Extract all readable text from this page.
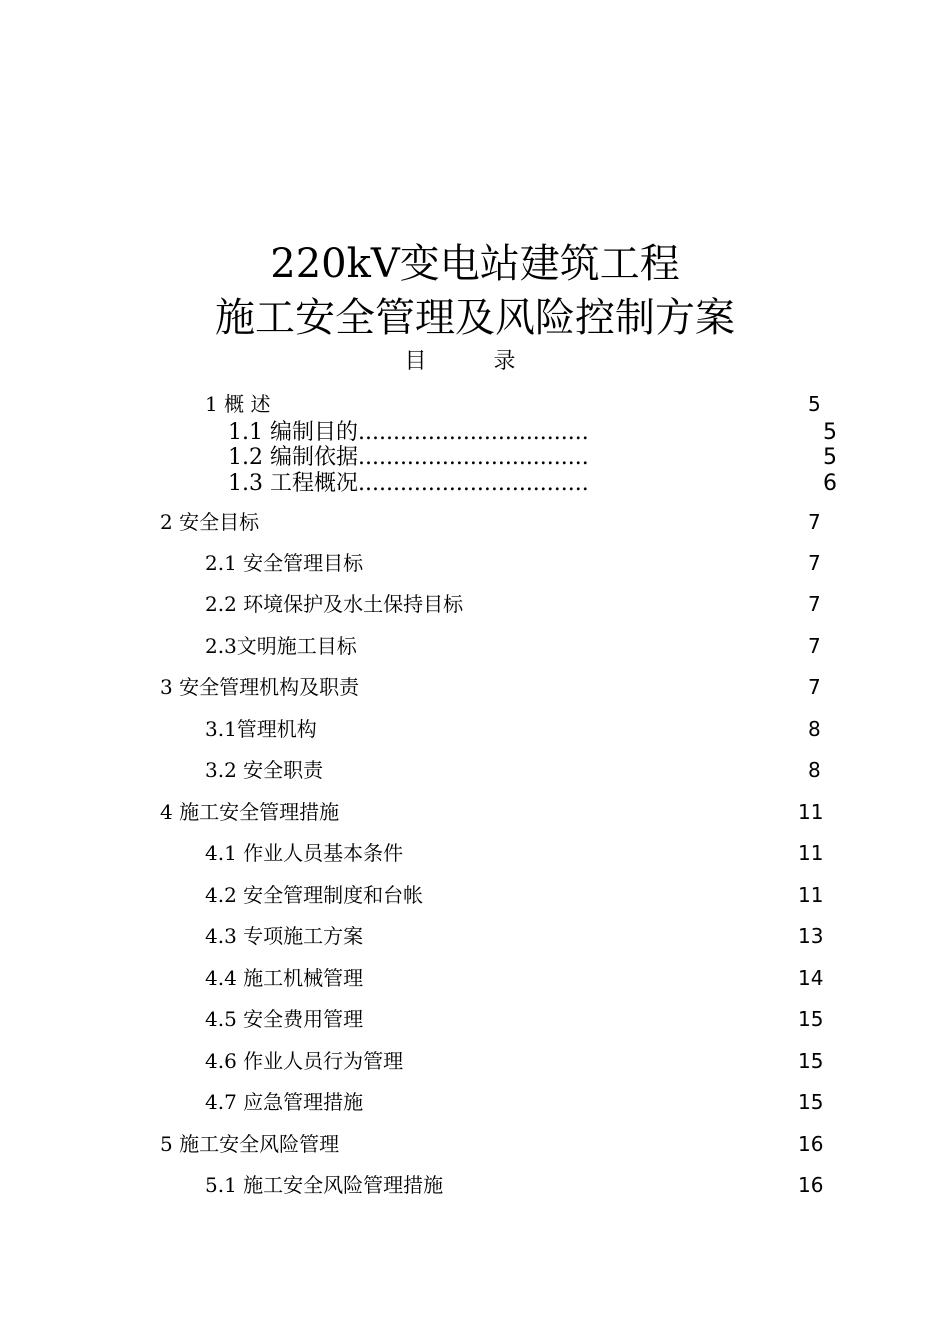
220kV变电站建筑工程
施工安全管理及风险控制方案
目 录
1 概 述	5
1.1 编制目的.................................	5
1.2 编制依据.................................	5
1.3 工程概况.................................	6
2 安全目标	7
2.1 安全管理目标	7
2.2 环境保护及水土保持目标	7
2.3文明施工目标	7
3 安全管理机构及职责	7
3.1管理机构	8
3.2 安全职责	8
4 施工安全管理措施	11
4.1 作业人员基本条件	11
4.2 安全管理制度和台帐	11
4.3 专项施工方案	13
4.4 施工机械管理	14
4.5 安全费用管理	15
4.6 作业人员行为管理	15
4.7 应急管理措施	15
5 施工安全风险管理	16
5.1 施工安全风险管理措施	16
